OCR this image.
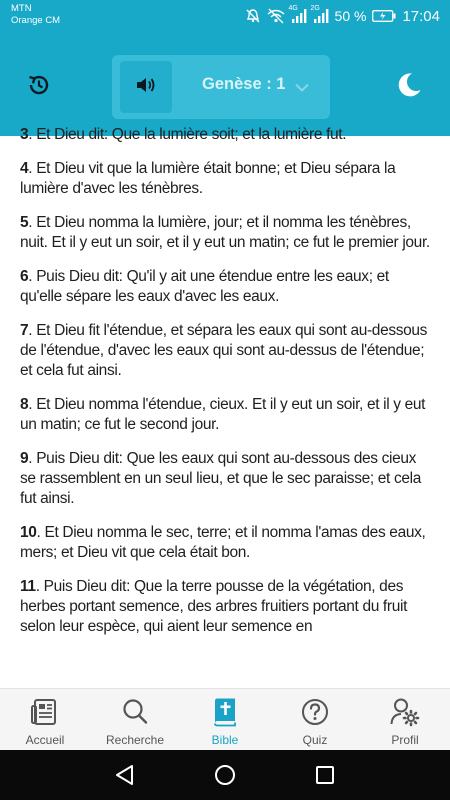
MTN
Orange CM
4G 2G 50 % 17:04
Genèse : 1

3. Et Dieu dit: Que la lumière soit; et la lumière fut.

4. Et Dieu vit que la lumière était bonne; et Dieu sépara la lumière d'avec les ténèbres.

5. Et Dieu nomma la lumière, jour; et il nomma les ténèbres, nuit. Et il y eut un soir, et il y eut un matin; ce fut le premier jour.

6. Puis Dieu dit: Qu'il y ait une étendue entre les eaux; et qu'elle sépare les eaux d'avec les eaux.

7. Et Dieu fit l'étendue, et sépara les eaux qui sont au-dessous de l'étendue, d'avec les eaux qui sont au-dessus de l'étendue; et cela fut ainsi.

8. Et Dieu nomma l'étendue, cieux. Et il y eut un soir, et il y eut un matin; ce fut le second jour.

9. Puis Dieu dit: Que les eaux qui sont au-dessous des cieux se rassemblent en un seul lieu, et que le sec paraisse; et cela fut ainsi.

10. Et Dieu nomma le sec, terre; et il nomma l'amas des eaux, mers; et Dieu vit que cela était bon.

11. Puis Dieu dit: Que la terre pousse de la végétation, des herbes portant semence, des arbres fruitiers portant du fruit selon leur espèce, qui aient leur semence en

Accueil	Recherche	Bible	Quiz	Profil
